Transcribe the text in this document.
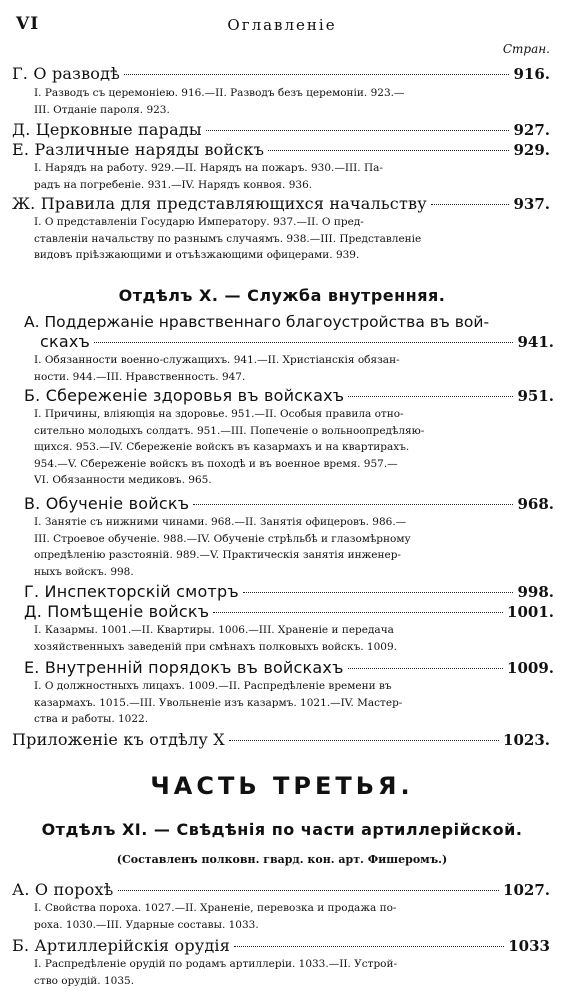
VI	Оглавленіе
Стран.
Г. О разводѣ	916.
I. Разводъ съ церемоніею. 916.—II. Разводъ безъ церемоніи. 923.—
III. Отданіе пароля. 923.
Д. Церковные парады	927.
Е. Различные наряды войскъ	929.
I. Нарядъ на работу. 929.—II. Нарядъ на пожаръ. 930.—III. Па-
радъ на погребеніе. 931.—IV. Нарядъ конвоя. 936.
Ж. Правила для представляющихся начальству	937.
I. О представленіи Государю Императору. 937.—II. О пред-
ставленіи начальству по разнымъ случаямъ. 938.—III. Представленіе
видовъ пріѣзжающими и отъѣзжающими офицерами. 939.
Отдѣлъ X. — Служба внутренняя.
А. Поддержаніе нравственнаго благоустройства въ вой-
скахъ	941.
I. Обязанности военно-служащихъ. 941.—II. Христіанскія обязан-
ности. 944.—III. Нравственность. 947.
Б. Сбереженіе здоровья въ войскахъ	951.
I. Причины, вліяющія на здоровье. 951.—II. Особыя правила отно-
сительно молодыхъ солдатъ. 951.—III. Попеченіе о вольноопредѣляю-
щихся. 953.—IV. Сбереженіе войскъ въ казармахъ и на квартирахъ.
954.—V. Сбереженіе войскъ въ походѣ и въ военное время. 957.—
VI. Обязанности медиковъ. 965.
В. Обученіе войскъ	968.
I. Занятіе съ нижними чинами. 968.—II. Занятія офицеровъ. 986.—
III. Строевое обученіе. 988.—IV. Обученіе стрѣльбѣ и глазомѣрному
опредѣленію разстояній. 989.—V. Практическія занятія инженер-
ныхъ войскъ. 998.
Г. Инспекторскій смотръ	998.
Д. Помѣщеніе войскъ	1001.
I. Казармы. 1001.—II. Квартиры. 1006.—III. Храненіе и передача
хозяйственныхъ заведеній при смѣнахъ полковыхъ войскъ. 1009.
Е. Внутренній порядокъ въ войскахъ	1009.
I. О должностныхъ лицахъ. 1009.—II. Распредѣленіе времени въ
казармахъ. 1015.—III. Увольненіе изъ казармъ. 1021.—IV. Мастер-
ства и работы. 1022.
Приложеніе къ отдѣлу X	1023.
ЧАСТЬ ТРЕТЬЯ.
Отдѣлъ XI. — Свѣдѣнія по части артиллерійской.
(Составленъ полковн. гвард. кон. арт. Фишеромъ.)
А. О порохѣ	1027.
I. Свойства пороха. 1027.—II. Храненіе, перевозка и продажа по-
роха. 1030.—III. Ударные составы. 1033.
Б. Артиллерійскія орудія	1033
I. Распредѣленіе орудій по родамъ артиллеріи. 1033.—II. Устрой-
ство орудій. 1035.
